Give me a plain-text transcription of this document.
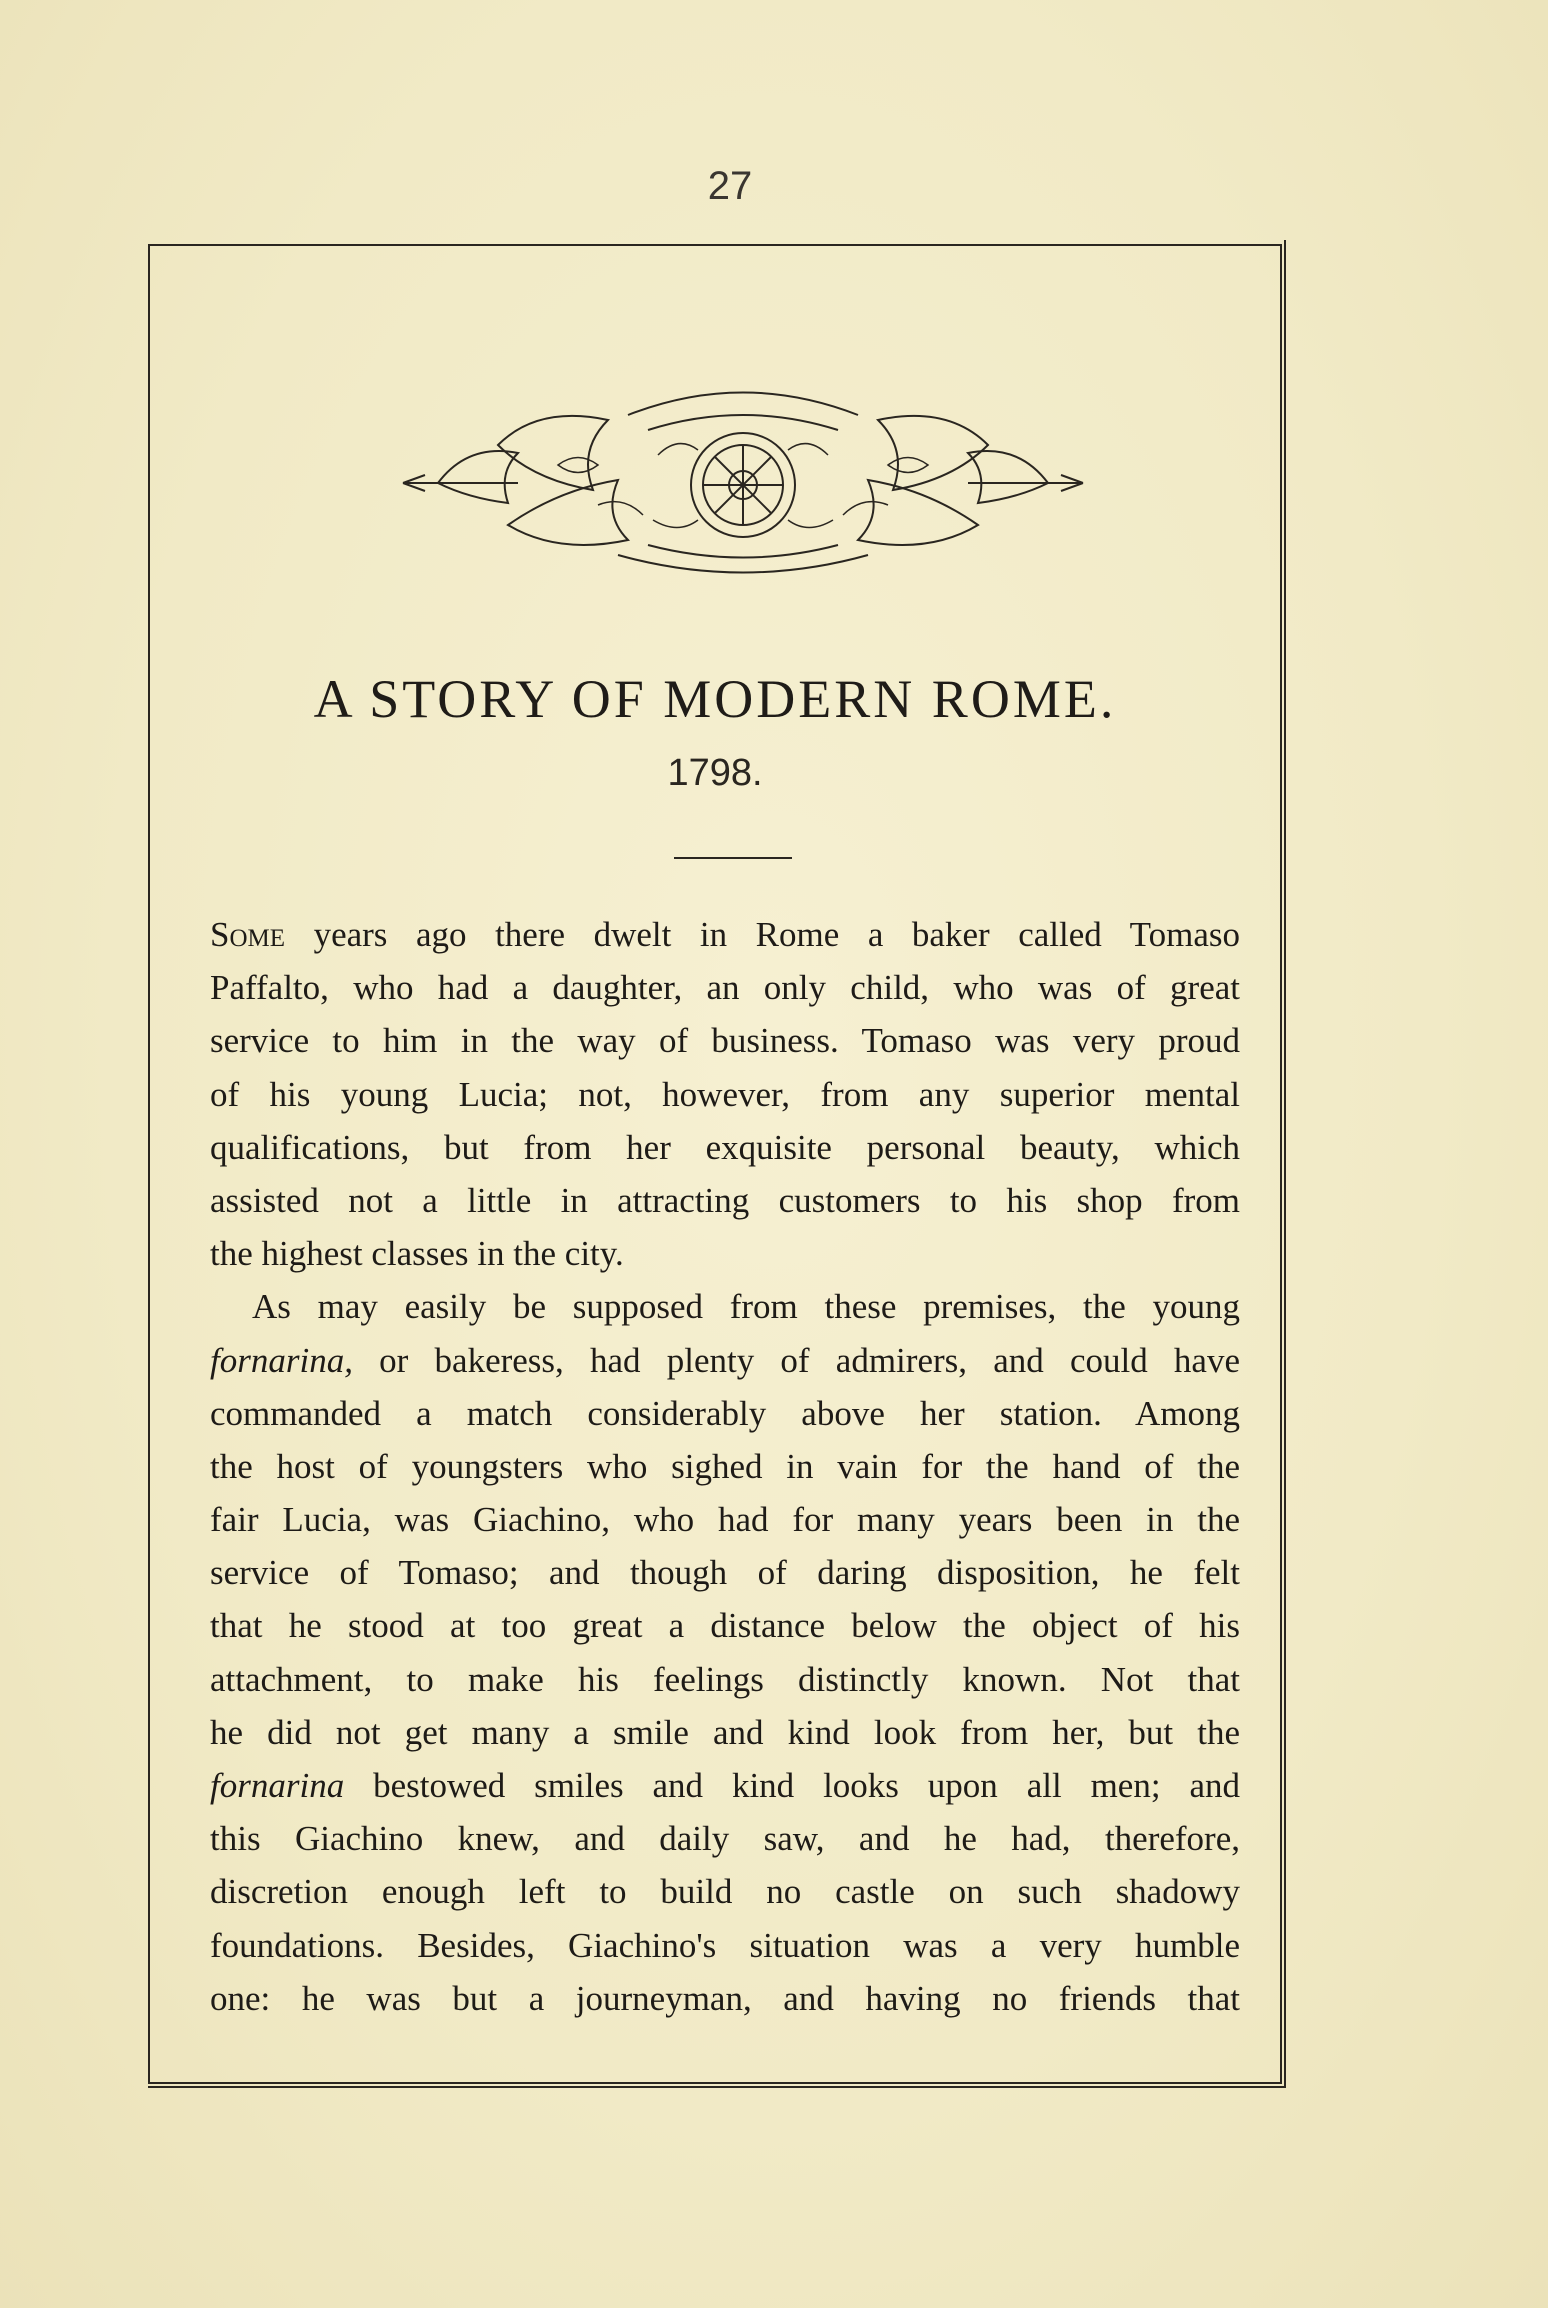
27
A STORY OF MODERN ROME.
1798.
Some years ago there dwelt in Rome a baker called Tomaso
Paffalto, who had a daughter, an only child, who was of great
service to him in the way of business. Tomaso was very proud
of his young Lucia; not, however, from any superior mental
qualifications, but from her exquisite personal beauty, which
assisted not a little in attracting customers to his shop from
the highest classes in the city.
As may easily be supposed from these premises, the young
fornarina, or bakeress, had plenty of admirers, and could have
commanded a match considerably above her station. Among
the host of youngsters who sighed in vain for the hand of the
fair Lucia, was Giachino, who had for many years been in the
service of Tomaso; and though of daring disposition, he felt
that he stood at too great a distance below the object of his
attachment, to make his feelings distinctly known. Not that
he did not get many a smile and kind look from her, but the
fornarina bestowed smiles and kind looks upon all men; and
this Giachino knew, and daily saw, and he had, therefore,
discretion enough left to build no castle on such shadowy
foundations. Besides, Giachino's situation was a very humble
one: he was but a journeyman, and having no friends that
